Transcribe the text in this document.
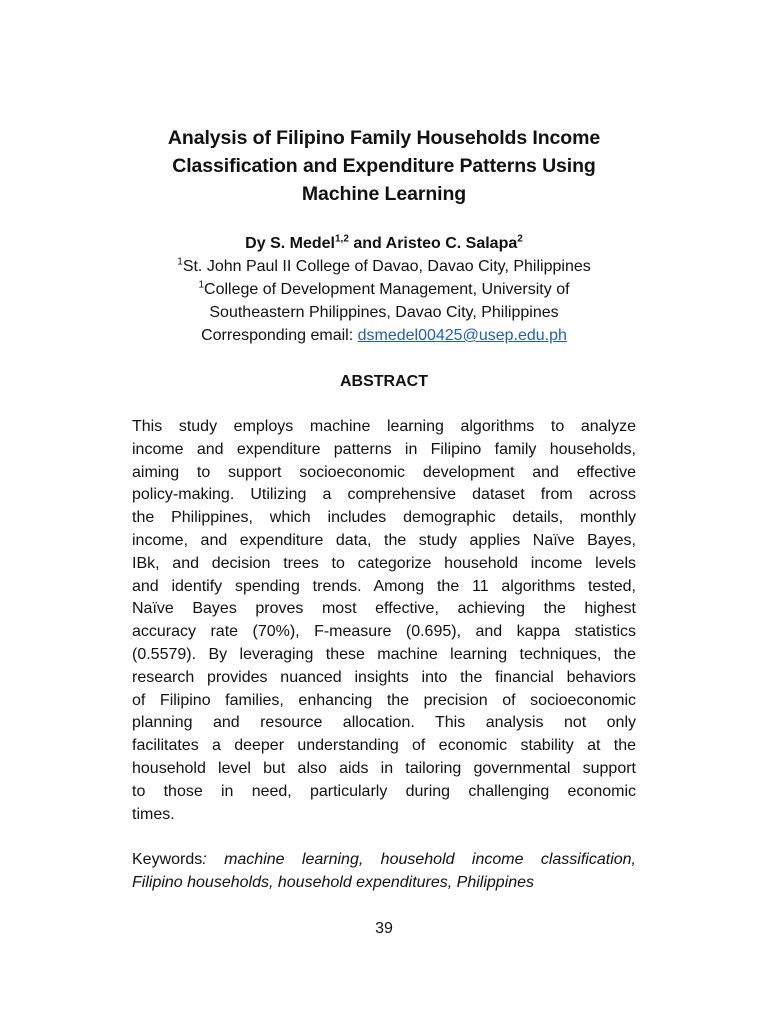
Analysis of Filipino Family Households Income
Classification and Expenditure Patterns Using
Machine Learning
Dy S. Medel$^{1,2}$ and Aristeo C. Salapa$^2$
$^1$St. John Paul II College of Davao, Davao City, Philippines
$^1$College of Development Management, University of
Southeastern Philippines, Davao City, Philippines
Corresponding email: dsmedel00425@usep.edu.ph
ABSTRACT
This study employs machine learning algorithms to analyze
income and expenditure patterns in Filipino family households,
aiming to support socioeconomic development and effective
policy-making. Utilizing a comprehensive dataset from across
the Philippines, which includes demographic details, monthly
income, and expenditure data, the study applies Naïve Bayes,
IBk, and decision trees to categorize household income levels
and identify spending trends. Among the 11 algorithms tested,
Naïve Bayes proves most effective, achieving the highest
accuracy rate (70%), F-measure (0.695), and kappa statistics
(0.5579). By leveraging these machine learning techniques, the
research provides nuanced insights into the financial behaviors
of Filipino families, enhancing the precision of socioeconomic
planning and resource allocation. This analysis not only
facilitates a deeper understanding of economic stability at the
household level but also aids in tailoring governmental support
to those in need, particularly during challenging economic
times.
Keywords: machine learning, household income classification,
Filipino households, household expenditures, Philippines
39
